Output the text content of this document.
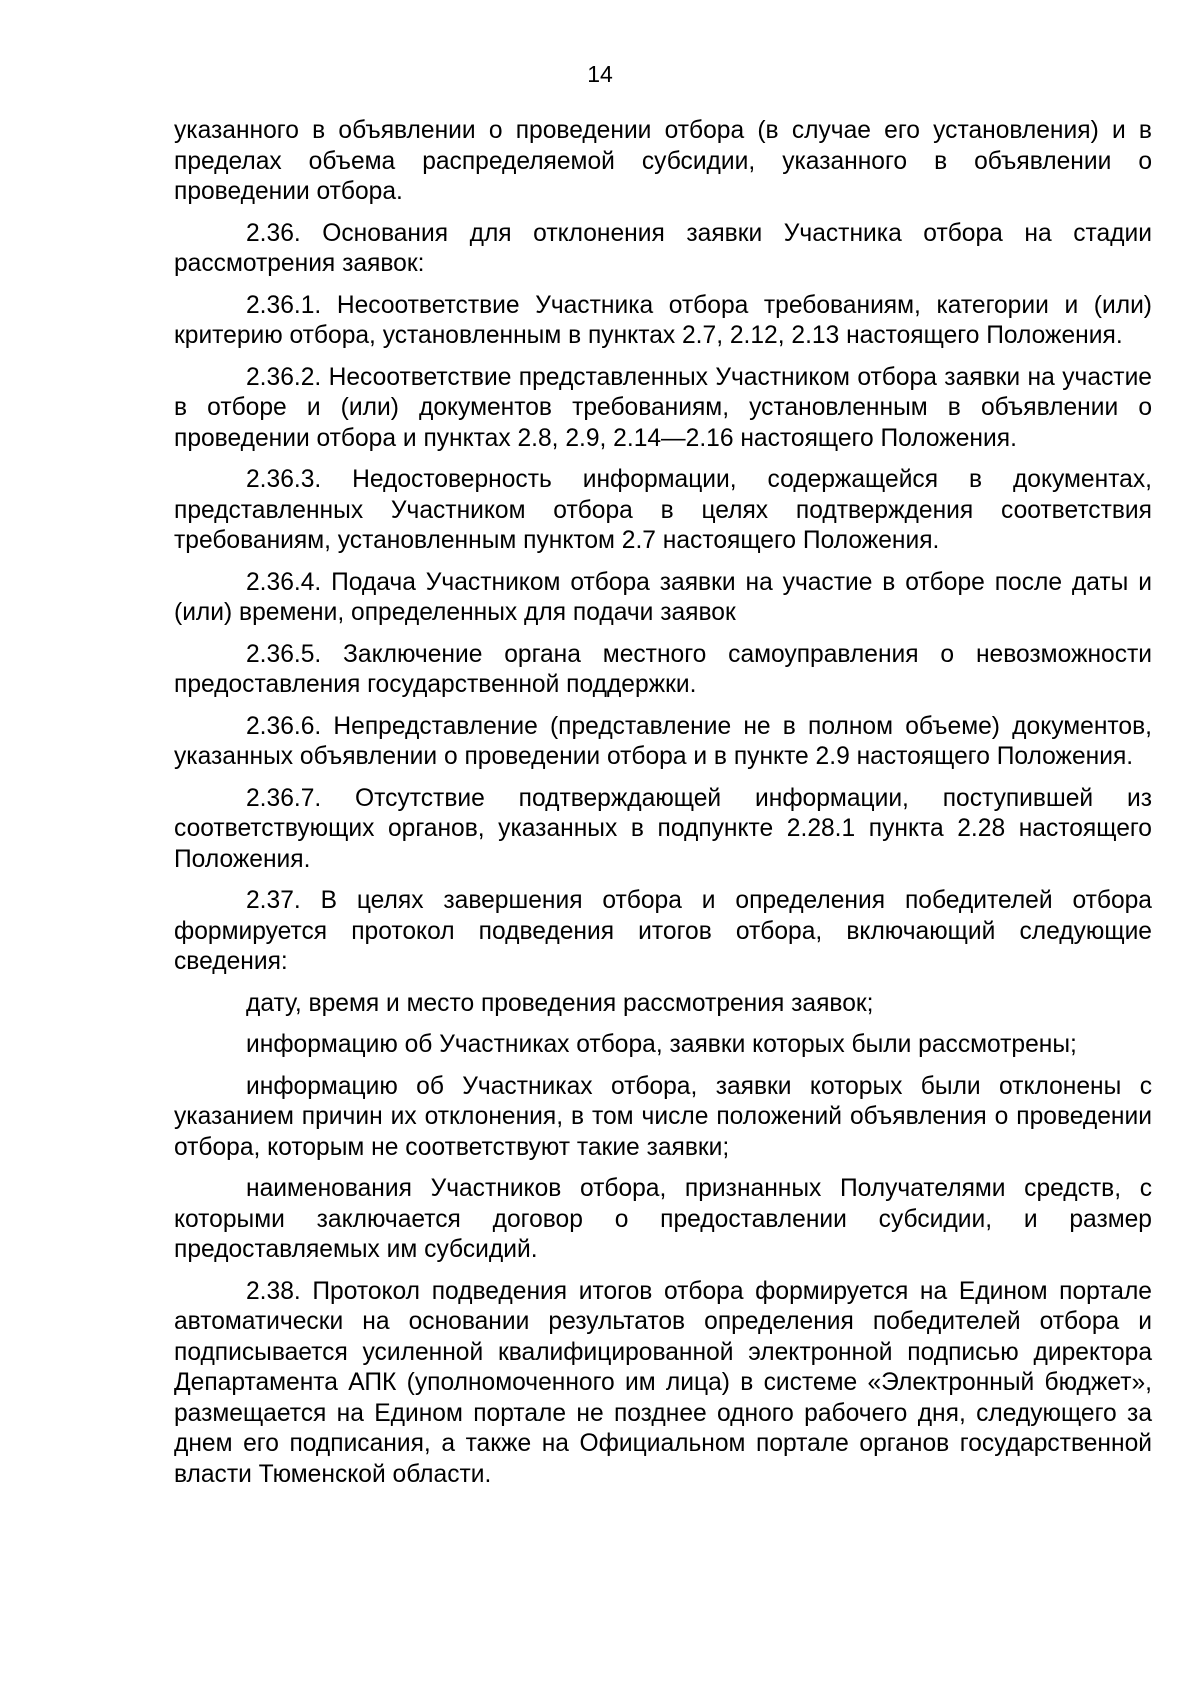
14

указанного в объявлении о проведении отбора (в случае его установления) и в пределах объема распределяемой субсидии, указанного в объявлении о проведении отбора.

2.36. Основания для отклонения заявки Участника отбора на стадии рассмотрения заявок:

2.36.1. Несоответствие Участника отбора требованиям, категории и (или) критерию отбора, установленным в пунктах 2.7, 2.12, 2.13 настоящего Положения.

2.36.2. Несоответствие представленных Участником отбора заявки на участие в отборе и (или) документов требованиям, установленным в объявлении о проведении отбора и пунктах 2.8, 2.9, 2.14—2.16 настоящего Положения.

2.36.3. Недостоверность информации, содержащейся в документах, представленных Участником отбора в целях подтверждения соответствия требованиям, установленным пунктом 2.7 настоящего Положения.

2.36.4. Подача Участником отбора заявки на участие в отборе после даты и (или) времени, определенных для подачи заявок

2.36.5. Заключение органа местного самоуправления о невозможности предоставления государственной поддержки.

2.36.6. Непредставление (представление не в полном объеме) документов, указанных объявлении о проведении отбора и в пункте 2.9 настоящего Положения.

2.36.7. Отсутствие подтверждающей информации, поступившей из соответствующих органов, указанных в подпункте 2.28.1 пункта 2.28 настоящего Положения.

2.37. В целях завершения отбора и определения победителей отбора формируется протокол подведения итогов отбора, включающий следующие сведения:

дату, время и место проведения рассмотрения заявок;

информацию об Участниках отбора, заявки которых были рассмотрены;

информацию об Участниках отбора, заявки которых были отклонены с указанием причин их отклонения, в том числе положений объявления о проведении отбора, которым не соответствуют такие заявки;

наименования Участников отбора, признанных Получателями средств, с которыми заключается договор о предоставлении субсидии, и размер предоставляемых им субсидий.

2.38. Протокол подведения итогов отбора формируется на Едином портале автоматически на основании результатов определения победителей отбора и подписывается усиленной квалифицированной электронной подписью директора Департамента АПК (уполномоченного им лица) в системе «Электронный бюджет», размещается на Едином портале не позднее одного рабочего дня, следующего за днем его подписания, а также на Официальном портале органов государственной власти Тюменской области.
